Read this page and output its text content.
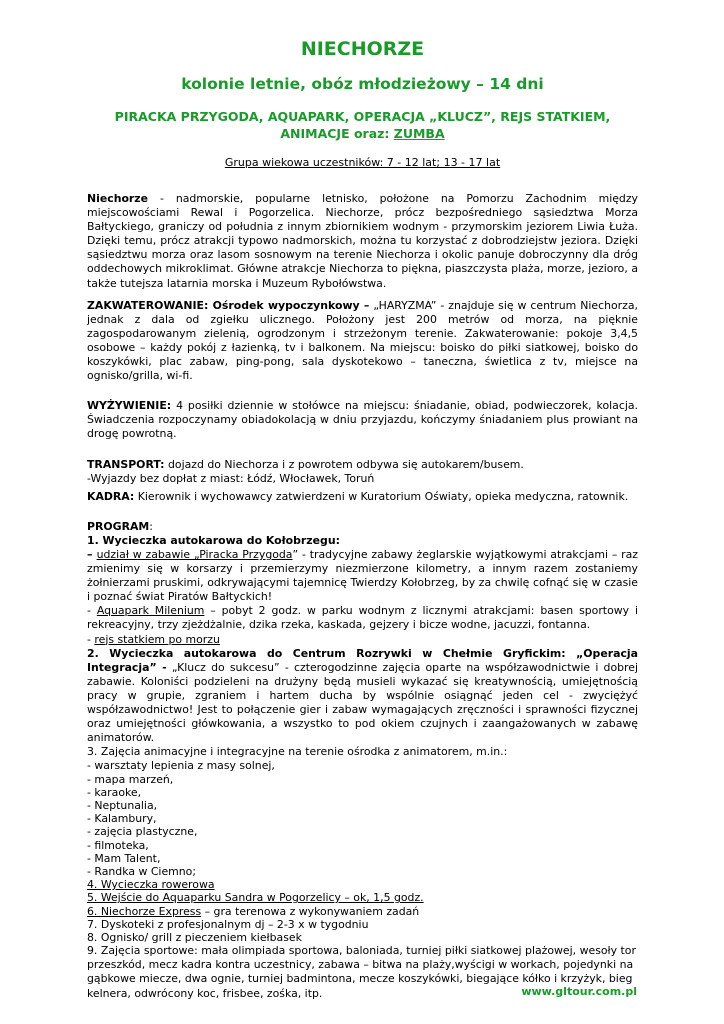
NIECHORZE
kolonie letnie, obóz młodzieżowy – 14 dni
PIRACKA PRZYGODA, AQUAPARK, OPERACJA „KLUCZ”, REJS STATKIEM,
ANIMACJE oraz: ZUMBA
Grupa wiekowa uczestników: 7 - 12 lat; 13 - 17 lat

Niechorze - nadmorskie, popularne letnisko, położone na Pomorzu Zachodnim między miejscowościami Rewal i Pogorzelica. Niechorze, prócz bezpośredniego sąsiedztwa Morza Bałtyckiego, graniczy od południa z innym zbiornikiem wodnym - przymorskim jeziorem Liwia Łuża. Dzięki temu, prócz atrakcji typowo nadmorskich, można tu korzystać z dobrodziejstw jeziora. Dzięki sąsiedztwu morza oraz lasom sosnowym na terenie Niechorza i okolic panuje dobroczynny dla dróg oddechowych mikroklimat. Główne atrakcje Niechorza to piękna, piaszczysta plaża, morze, jezioro, a także tutejsza latarnia morska i Muzeum Rybołówstwa.

ZAKWATEROWANIE: Ośrodek wypoczynkowy – „HARYZMA” - znajduje się w centrum Niechorza, jednak z dala od zgiełku ulicznego. Położony jest 200 metrów od morza, na pięknie zagospodarowanym zielenią, ogrodzonym i strzeżonym terenie. Zakwaterowanie: pokoje 3,4,5 osobowe – każdy pokój z łazienką, tv i balkonem. Na miejscu: boisko do piłki siatkowej, boisko do koszykówki, plac zabaw, ping-pong, sala dyskotekowo – taneczna, świetlica z tv, miejsce na ognisko/grilla, wi-fi.

WYŻYWIENIE: 4 posiłki dziennie w stołówce na miejscu: śniadanie, obiad, podwieczorek, kolacja. Świadczenia rozpoczynamy obiadokolacją w dniu przyjazdu, kończymy śniadaniem plus prowiant na drogę powrotną.

TRANSPORT: dojazd do Niechorza i z powrotem odbywa się autokarem/busem.

-Wyjazdy bez dopłat z miast: Łódź, Włocławek, Toruń

KADRA: Kierownik i wychowawcy zatwierdzeni w Kuratorium Oświaty, opieka medyczna, ratownik.

PROGRAM:

1. Wycieczka autokarowa do Kołobrzegu:

– udział w zabawie „Piracka Przygoda” - tradycyjne zabawy żeglarskie wyjątkowymi atrakcjami – raz zmienimy się w korsarzy i przemierzymy niezmierzone kilometry, a innym razem zostaniemy żołnierzami pruskimi, odkrywającymi tajemnicę Twierdzy Kołobrzeg, by za chwilę cofnąć się w czasie i poznać świat Piratów Bałtyckich!

- Aquapark Milenium – pobyt 2 godz. w parku wodnym z licznymi atrakcjami: basen sportowy i rekreacyjny, trzy zjeżdżalnie, dzika rzeka, kaskada, gejzery i bicze wodne, jacuzzi, fontanna.

- rejs statkiem po morzu

2. Wycieczka autokarowa do Centrum Rozrywki w Chełmie Gryfickim: „Operacja Integracja” - „Klucz do sukcesu” - czterogodzinne zajęcia oparte na współzawodnictwie i dobrej zabawie. Koloniści podzieleni na drużyny będą musieli wykazać się kreatywnością, umiejętnością pracy w grupie, zgraniem i hartem ducha by wspólnie osiągnąć jeden cel - zwyciężyć współzawodnictwo! Jest to połączenie gier i zabaw wymagających zręczności i sprawności fizycznej oraz umiejętności główkowania, a wszystko to pod okiem czujnych i zaangażowanych w zabawę animatorów.

3. Zajęcia animacyjne i integracyjne na terenie ośrodka z animatorem, m.in.:

- warsztaty lepienia z masy solnej,

- mapa marzeń,

- karaoke,

- Neptunalia,

- Kalambury,

- zajęcia plastyczne,

- filmoteka,

- Mam Talent,

- Randka w Ciemno;

4. Wycieczka rowerowa

5. Wejście do Aquaparku Sandra w Pogorzelicy – ok, 1,5 godz.

6. Niechorze Express – gra terenowa z wykonywaniem zadań

7. Dyskoteki z profesjonalnym dj – 2-3 x w tygodniu

8. Ognisko/ grill z pieczeniem kiełbasek

9. Zajęcia sportowe: mała olimpiada sportowa, baloniada, turniej piłki siatkowej plażowej, wesoły tor przeszkód, mecz kadra kontra uczestnicy, zabawa – bitwa na plaży,wyścigi w workach, pojedynki na gąbkowe miecze, dwa ognie, turniej badmintona, mecze koszykówki, biegające kółko i krzyżyk, bieg kelnera, odwrócony koc, frisbee, zośka, itp.	www.gltour.com.pl
